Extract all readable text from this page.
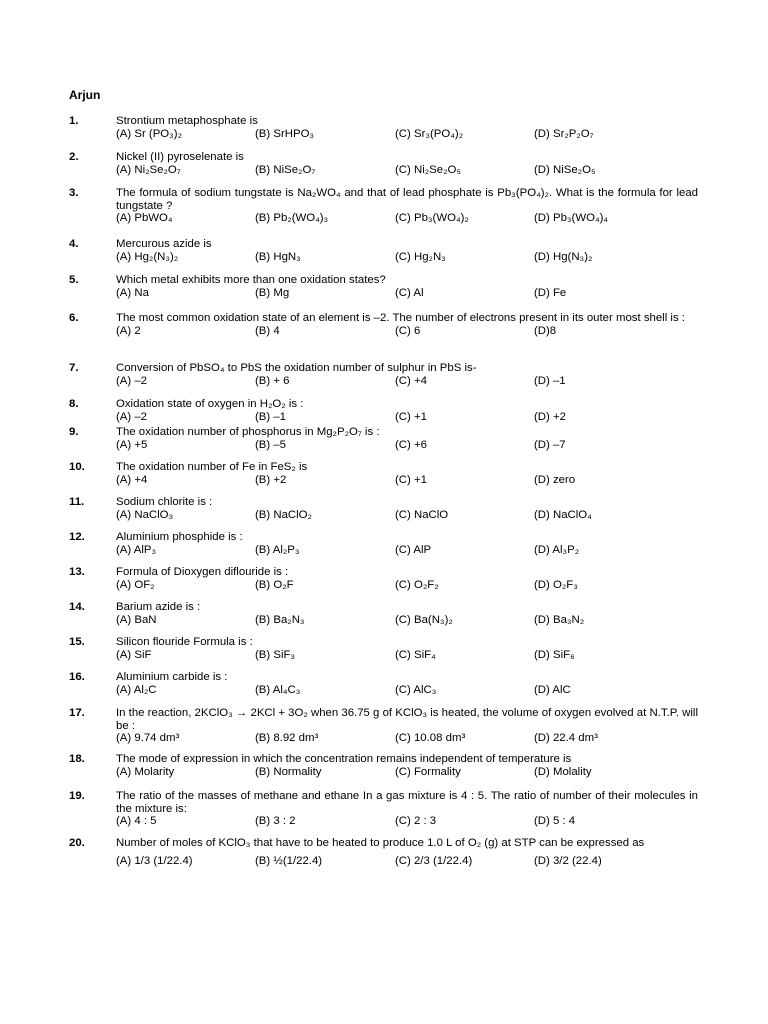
Arjun
1.	Strontium metaphosphate is
(A) Sr (PO₃)₂	(B) SrHPO₃	(C) Sr₃(PO₄)₂	(D) Sr₂P₂O₇
2.	Nickel (II) pyroselenate is
(A) Ni₂Se₂O₇	(B) NiSe₂O₇	(C) Ni₂Se₂O₅	(D) NiSe₂O₅
3.	The formula of sodium tungstate is Na₂WO₄ and that of lead phosphate is Pb₃(PO₄)₂. What is the formula for lead tungstate ?
(A) PbWO₄	(B) Pb₂(WO₄)₃	(C) Pb₃(WO₄)₂	(D) Pb₃(WO₄)₄
4.	Mercurous azide is
(A) Hg₂(N₃)₂	(B) HgN₃	(C) Hg₂N₃	(D) Hg(N₃)₂
5.	Which metal exhibits more than one oxidation states?
(A) Na	(B) Mg	(C) Al	(D) Fe
6.	The most common oxidation state of an element is –2. The number of electrons present in its outer most shell is :
(A) 2	(B) 4	(C) 6	(D)8
7.	Conversion of PbSO₄ to PbS the oxidation number of sulphur in PbS is-
(A) –2	(B) + 6	(C) +4	(D) –1
8.	Oxidation state of oxygen in H₂O₂ is :
(A) –2	(B) –1	(C) +1	(D) +2
9.	The oxidation number of phosphorus in Mg₂P₂O₇ is :
(A) +5	(B) –5	(C) +6	(D) –7
10.	The oxidation number of Fe in FeS₂ is
(A) +4	(B) +2	(C) +1	(D) zero
11.	Sodium chlorite is :
(A) NaClO₃	(B) NaClO₂	(C) NaClO	(D) NaClO₄
12.	Aluminium phosphide is :
(A) AlP₃	(B) Al₂P₃	(C) AlP	(D) Al₃P₂
13.	Formula of Dioxygen diflouride is :
(A) OF₂	(B) O₂F	(C) O₂F₂	(D) O₂F₃
14.	Barium azide is :
(A) BaN	(B) Ba₂N₃	(C) Ba(N₃)₂	(D) Ba₃N₂
15.	Silicon flouride Formula is :
(A) SiF	(B) SiF₃	(C) SiF₄	(D) SiF₆
16.	Aluminium carbide is :
(A) Al₂C	(B) Al₄C₃	(C) AlC₃	(D) AlC
17.	In the reaction, 2KClO₃ → 2KCl + 3O₂ when 36.75 g of KClO₃ is heated, the volume of oxygen evolved at N.T.P. will be :
(A) 9.74 dm³	(B) 8.92 dm³	(C) 10.08 dm³	(D) 22.4 dm³
18.	The mode of expression in which the concentration remains independent of temperature is
(A) Molarity	(B) Normality	(C) Formality	(D) Molality
19.	The ratio of the masses of methane and ethane In a gas mixture is 4 : 5. The ratio of number of their molecules in the mixture is:
(A) 4 : 5	(B) 3 : 2	(C) 2 : 3	(D) 5 : 4
20.	Number of moles of KClO₃ that have to be heated to produce 1.0 L of O₂ (g) at STP can be expressed as
(A) 1/3 (1/22.4)	(B) ½(1/22.4)	(C) 2/3 (1/22.4)	(D) 3/2 (22.4)
